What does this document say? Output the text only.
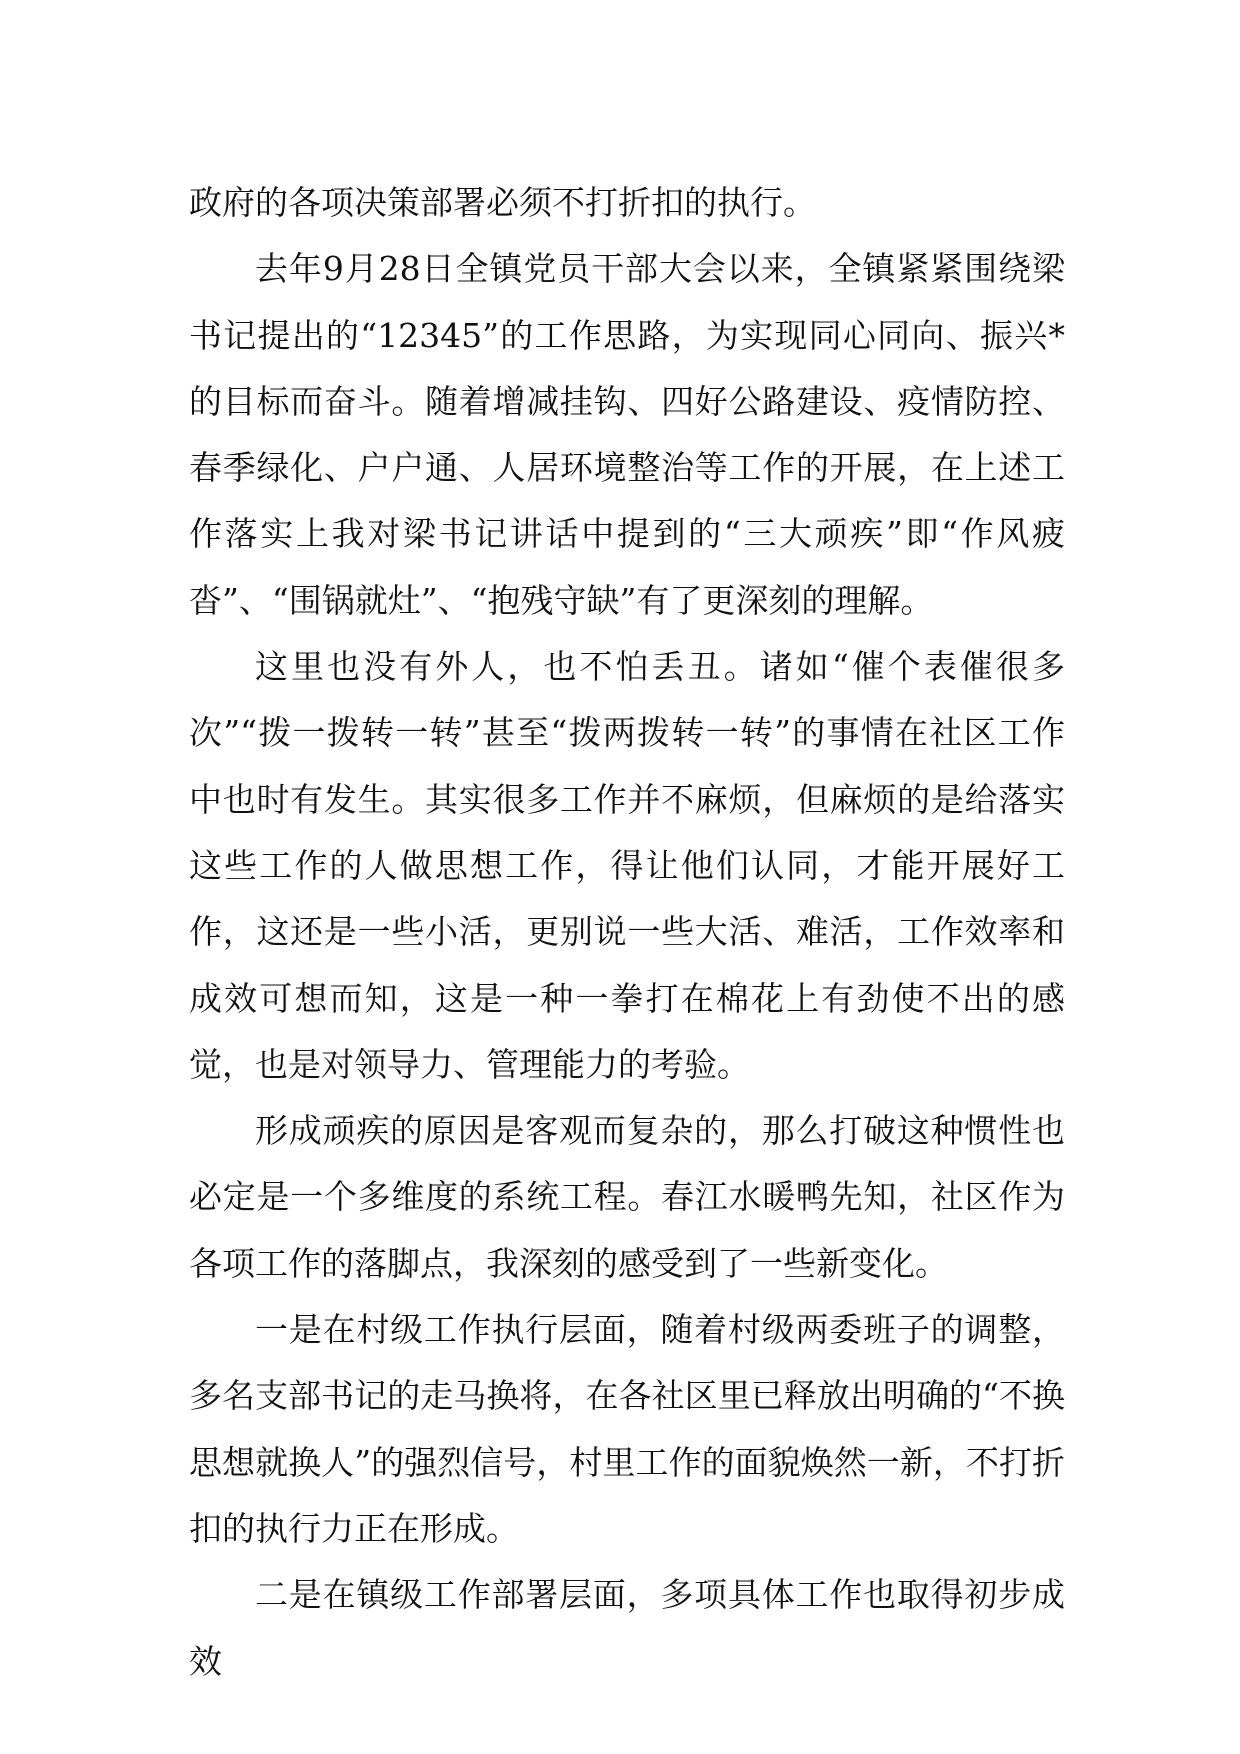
政府的各项决策部署必须不打折扣的执行。

去年9月28日全镇党员干部大会以来，全镇紧紧围绕梁书记提出的“12345”的工作思路，为实现同心同向、振兴*的目标而奋斗。随着增减挂钩、四好公路建设、疫情防控、春季绿化、户户通、人居环境整治等工作的开展，在上述工作落实上我对梁书记讲话中提到的“三大顽疾”即“作风疲沓”、“围锅就灶”、“抱残守缺”有了更深刻的理解。

这里也没有外人，也不怕丢丑。诸如“催个表催很多次”“拨一拨转一转”甚至“拨两拨转一转”的事情在社区工作中也时有发生。其实很多工作并不麻烦，但麻烦的是给落实这些工作的人做思想工作，得让他们认同，才能开展好工作，这还是一些小活，更别说一些大活、难活，工作效率和成效可想而知，这是一种一拳打在棉花上有劲使不出的感觉，也是对领导力、管理能力的考验。

形成顽疾的原因是客观而复杂的，那么打破这种惯性也必定是一个多维度的系统工程。春江水暖鸭先知，社区作为各项工作的落脚点，我深刻的感受到了一些新变化。

一是在村级工作执行层面，随着村级两委班子的调整，多名支部书记的走马换将，在各社区里已释放出明确的“不换思想就换人”的强烈信号，村里工作的面貌焕然一新，不打折扣的执行力正在形成。

二是在镇级工作部署层面，多项具体工作也取得初步成效
